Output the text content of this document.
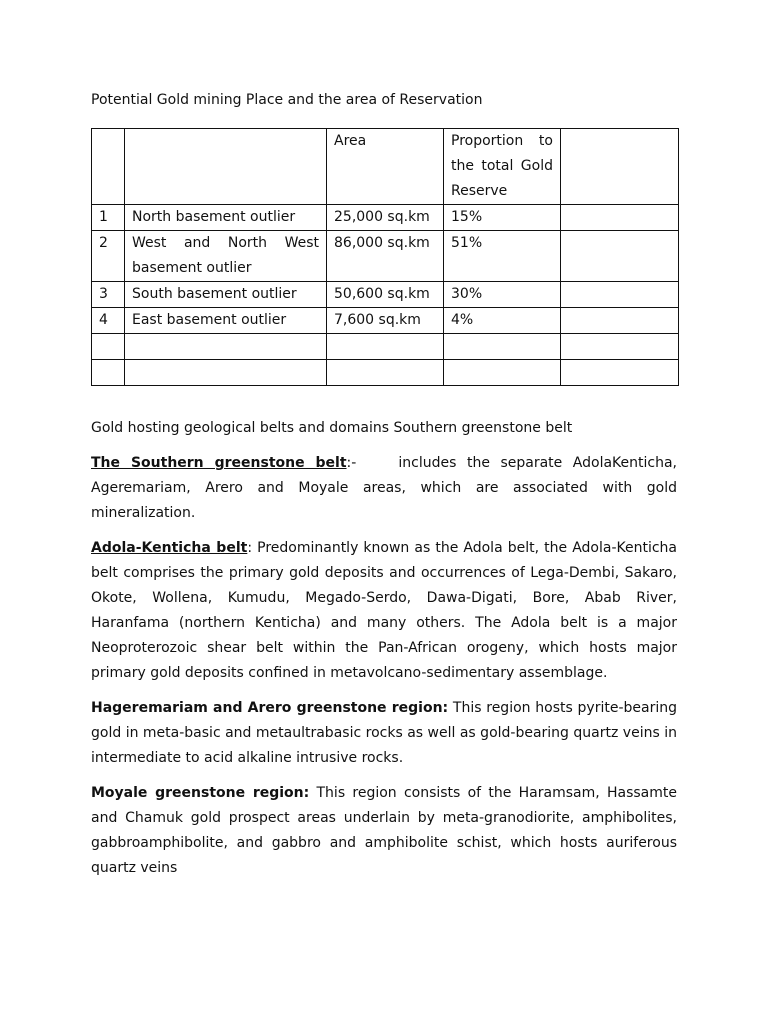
Potential Gold mining Place and the area of Reservation
		Area	Proportion to the total Gold Reserve	
1	North basement outlier	25,000 sq.km	15%	
2	West and North West basement outlier	86,000 sq.km	51%	
3	South basement outlier	50,600 sq.km	30%	
4	East basement outlier	7,600 sq.km	4%	

Gold hosting geological belts and domains Southern greenstone belt

The Southern greenstone belt:-	includes the separate AdolaKenticha, Ageremariam, Arero and Moyale areas, which are associated with gold mineralization.

Adola-Kenticha belt: Predominantly known as the Adola belt, the Adola-Kenticha belt comprises the primary gold deposits and occurrences of Lega-Dembi, Sakaro, Okote, Wollena, Kumudu, Megado-Serdo, Dawa-Digati, Bore, Abab River, Haranfama (northern Kenticha) and many others. The Adola belt is a major Neoproterozoic shear belt within the Pan-African orogeny, which hosts major primary gold deposits confined in metavolcano-sedimentary assemblage.

Hageremariam and Arero greenstone region: This region hosts pyrite-bearing gold in meta-basic and metaultrabasic rocks as well as gold-bearing quartz veins in intermediate to acid alkaline intrusive rocks.

Moyale greenstone region: This region consists of the Haramsam, Hassamte and Chamuk gold prospect areas underlain by meta-granodiorite, amphibolites, gabbroamphibolite, and gabbro and amphibolite schist, which hosts auriferous quartz veins
